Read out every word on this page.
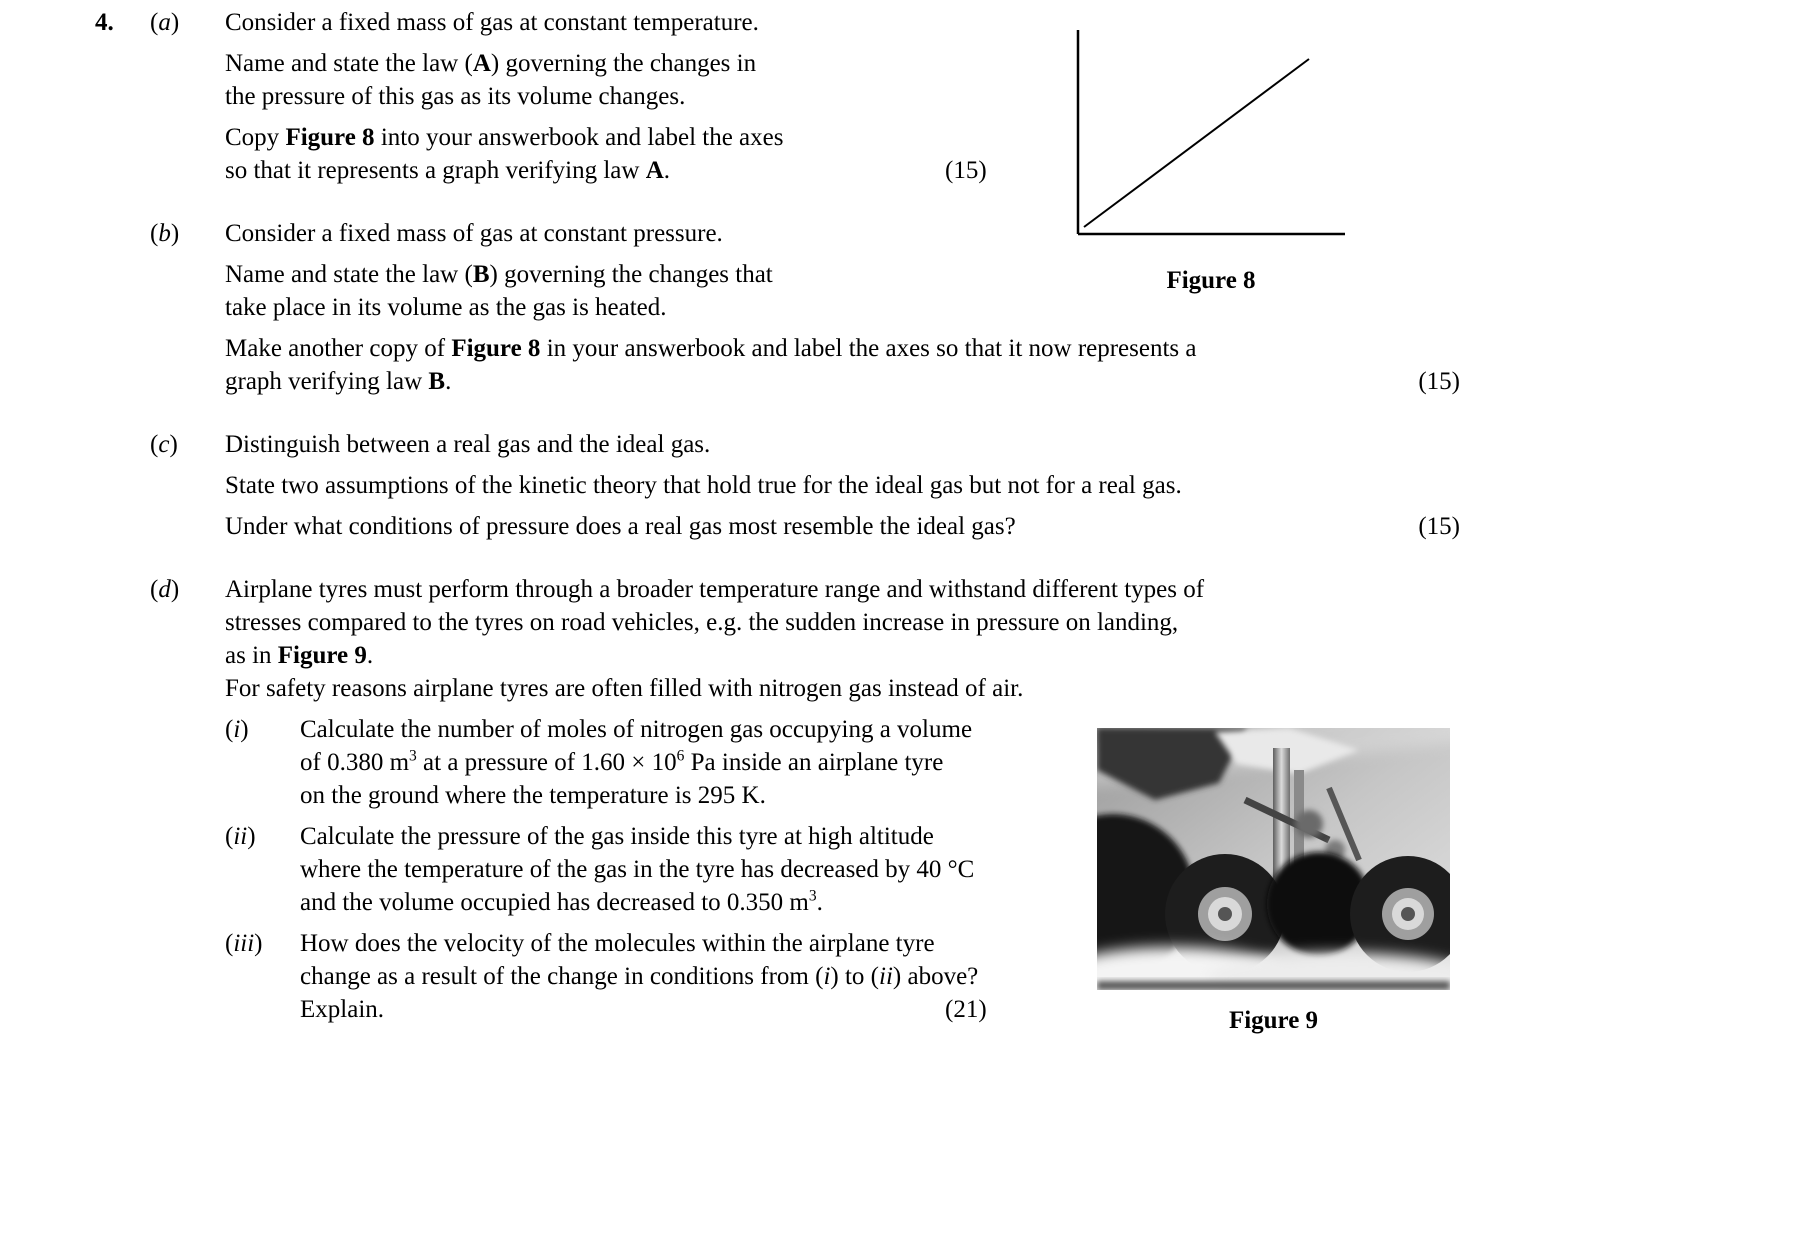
4.	(a)	Consider a fixed mass of gas at constant temperature.

Name and state the law (A) governing the changes in
the pressure of this gas as its volume changes.

Copy Figure 8 into your answerbook and label the axes
so that it represents a graph verifying law A.	(15)

(b)	Consider a fixed mass of gas at constant pressure.

Name and state the law (B) governing the changes that
take place in its volume as the gas is heated.

Make another copy of Figure 8 in your answerbook and label the axes so that it now represents a
graph verifying law B.	(15)

(c)	Distinguish between a real gas and the ideal gas.

State two assumptions of the kinetic theory that hold true for the ideal gas but not for a real gas.

Under what conditions of pressure does a real gas most resemble the ideal gas?	(15)

(d)	Airplane tyres must perform through a broader temperature range and withstand different types of
stresses compared to the tyres on road vehicles, e.g. the sudden increase in pressure on landing,
as in Figure 9.

For safety reasons airplane tyres are often filled with nitrogen gas instead of air.

(i)	Calculate the number of moles of nitrogen gas occupying a volume
of 0.380 $m^3$ at a pressure of $1.60 \times 10^6$ Pa inside an airplane tyre
on the ground where the temperature is 295 K.

(ii)	Calculate the pressure of the gas inside this tyre at high altitude
where the temperature of the gas in the tyre has decreased by 40 °C
and the volume occupied has decreased to 0.350 $m^3$.

(iii)	How does the velocity of the molecules within the airplane tyre
change as a result of the change in conditions from (i) to (ii) above?

Explain.	(21)

Figure 8
Figure 9
